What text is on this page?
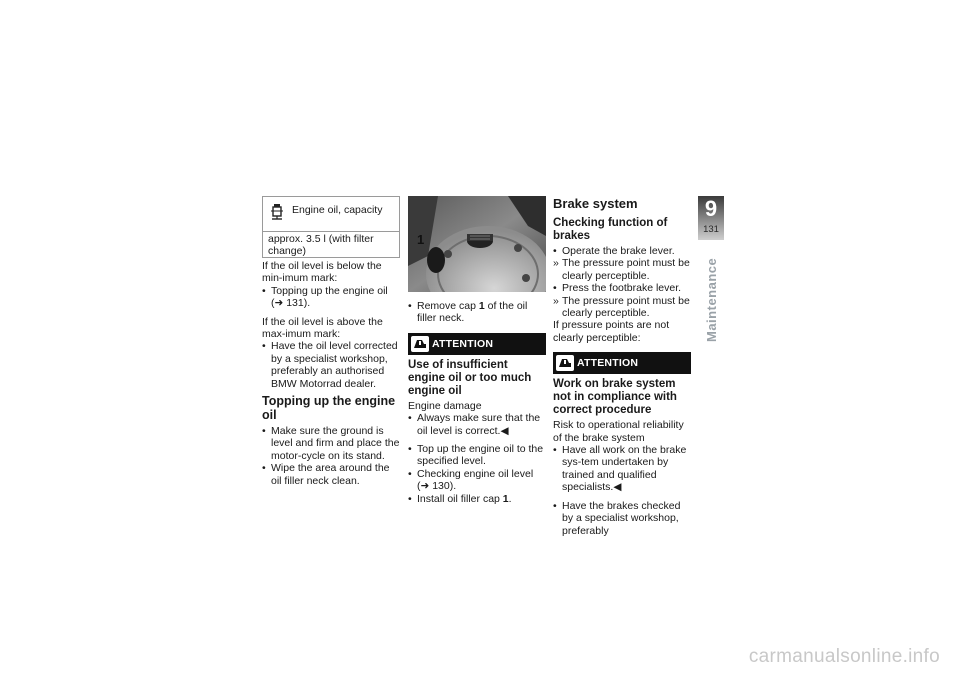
Engine oil, capacity
approx. 3.5 l (with filter change)

If the oil level is below the min-imum mark:

• Topping up the engine oil (➜ 131).

If the oil level is above the max-imum mark:

• Have the oil level corrected by a specialist workshop, preferably an authorised BMW Motorrad dealer.
Topping up the engine oil
• Make sure the ground is level and firm and place the motor-cycle on its stand.
• Wipe the area around the oil filler neck clean.
1
• Remove cap 1 of the oil filler neck.
ATTENTION
Use of insufficient engine oil or too much engine oil

Engine damage

• Always make sure that the oil level is correct.◀
• Top up the engine oil to the specified level.
• Checking engine oil level (➜ 130).
• Install oil filler cap 1.
Brake system
Checking function of brakes
• Operate the brake lever.
» The pressure point must be clearly perceptible.
• Press the footbrake lever.
» The pressure point must be clearly perceptible.

If pressure points are not clearly perceptible:

ATTENTION
Work on brake system not in compliance with correct procedure

Risk to operational reliability of the brake system

• Have all work on the brake sys-tem undertaken by trained and qualified specialists.◀
• Have the brakes checked by a specialist workshop, preferably
9
131
Maintenance
carmanualsonline.info
